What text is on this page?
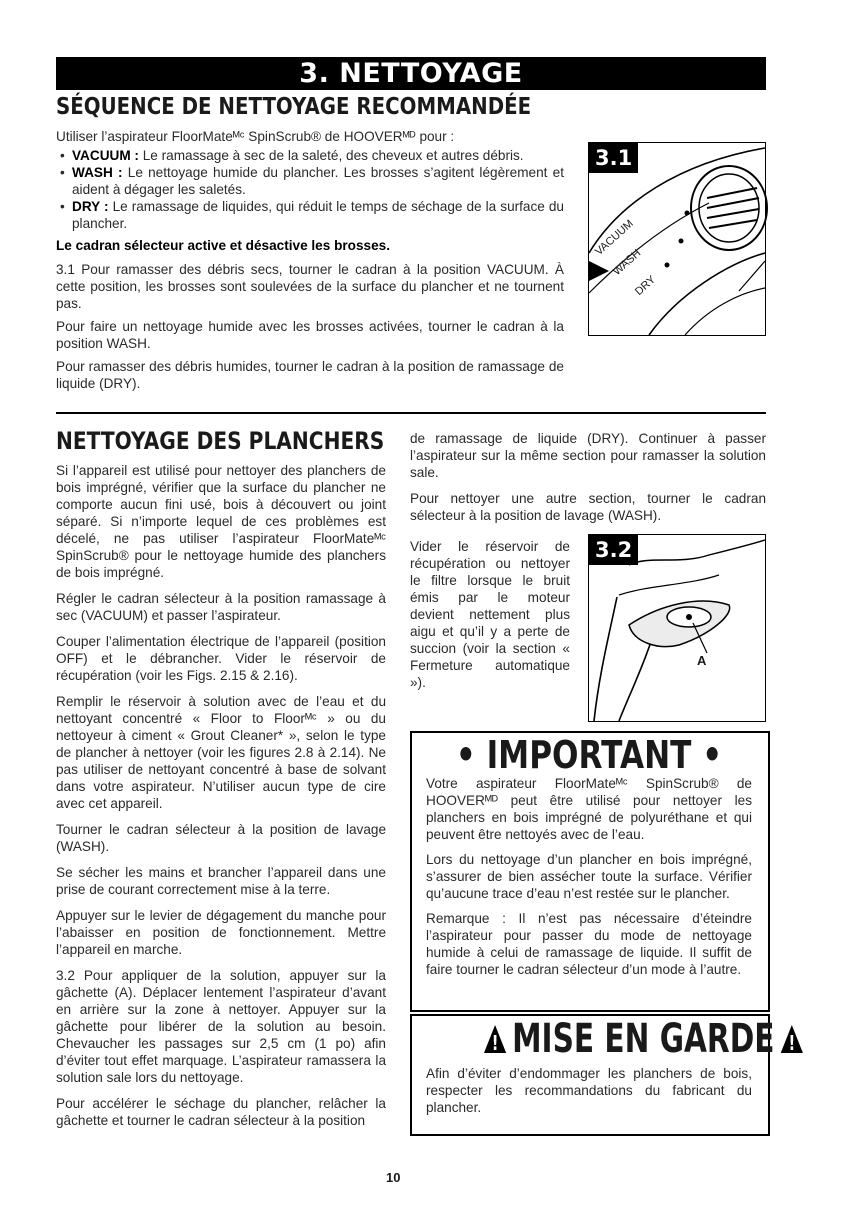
3. NETTOYAGE
SÉQUENCE DE NETTOYAGE RECOMMANDÉE

Utiliser l’aspirateur FloorMateᴹᶜ SpinScrub® de HOOVERᴹᴰ pour :

• VACUUM : Le ramassage à sec de la saleté, des cheveux et autres débris.
• WASH : Le nettoyage humide du plancher. Les brosses s’agitent légèrement et aident à dégager les saletés.
• DRY : Le ramassage de liquides, qui réduit le temps de séchage de la surface du plancher.

Le cadran sélecteur active et désactive les brosses.

3.1 Pour ramasser des débris secs, tourner le cadran à la position VACUUM. À cette position, les brosses sont soulevées de la surface du plancher et ne tournent pas.

Pour faire un nettoyage humide avec les brosses activées, tourner le cadran à la position WASH.

Pour ramasser des débris humides, tourner le cadran à la position de ramassage de liquide (DRY).

3.1
VACUUM
WASH
DRY
NETTOYAGE DES PLANCHERS

Si l’appareil est utilisé pour nettoyer des planchers de bois imprégné, vérifier que la surface du plancher ne comporte aucun fini usé, bois à découvert ou joint séparé. Si n’importe lequel de ces problèmes est décelé, ne pas utiliser l’aspirateur FloorMateᴹᶜ SpinScrub® pour le nettoyage humide des planchers de bois imprégné.

Régler le cadran sélecteur à la position ramassage à sec (VACUUM) et passer l’aspirateur.

Couper l’alimentation électrique de l’appareil (position OFF) et le débrancher. Vider le réservoir de récupération (voir les Figs. 2.15 & 2.16).

Remplir le réservoir à solution avec de l’eau et du nettoyant concentré « Floor to Floorᴹᶜ » ou du nettoyeur à ciment « Grout Cleaner* », selon le type de plancher à nettoyer (voir les figures 2.8 à 2.14). Ne pas utiliser de nettoyant concentré à base de solvant dans votre aspirateur. N’utiliser aucun type de cire avec cet appareil.

Tourner le cadran sélecteur à la position de lavage (WASH).

Se sécher les mains et brancher l’appareil dans une prise de courant correctement mise à la terre.

Appuyer sur le levier de dégagement du manche pour l’abaisser en position de fonctionnement. Mettre l’appareil en marche.

3.2 Pour appliquer de la solution, appuyer sur la gâchette (A). Déplacer lentement l’aspirateur d’avant en arrière sur la zone à nettoyer. Appuyer sur la gâchette pour libérer de la solution au besoin. Chevaucher les passages sur 2,5 cm (1 po) afin d’éviter tout effet marquage. L’aspirateur ramassera la solution sale lors du nettoyage.

Pour accélérer le séchage du plancher, relâcher la gâchette et tourner le cadran sélecteur à la position

de ramassage de liquide (DRY). Continuer à passer l’aspirateur sur la même section pour ramasser la solution sale.

Pour nettoyer une autre section, tourner le cadran sélecteur à la position de lavage (WASH).

Vider le réservoir de récupération ou nettoyer le filtre lorsque le bruit émis par le moteur devient nettement plus aigu et qu’il y a perte de succion (voir la section « Fermeture automatique »).

3.2
A
• IMPORTANT •

Votre aspirateur FloorMateᴹᶜ SpinScrub® de HOOVERᴹᴰ peut être utilisé pour nettoyer les planchers en bois imprégné de polyuréthane et qui peuvent être nettoyés avec de l’eau.

Lors du nettoyage d’un plancher en bois imprégné, s’assurer de bien assécher toute la surface. Vérifier qu’aucune trace d’eau n’est restée sur le plancher.

Remarque : Il n’est pas nécessaire d’éteindre l’aspirateur pour passer du mode de nettoyage humide à celui de ramassage de liquide. Il suffit de faire tourner le cadran sélecteur d’un mode à l’autre.

! MISE EN GARDE !

Afin d’éviter d’endommager les planchers de bois, respecter les recommandations du fabricant du plancher.

10
